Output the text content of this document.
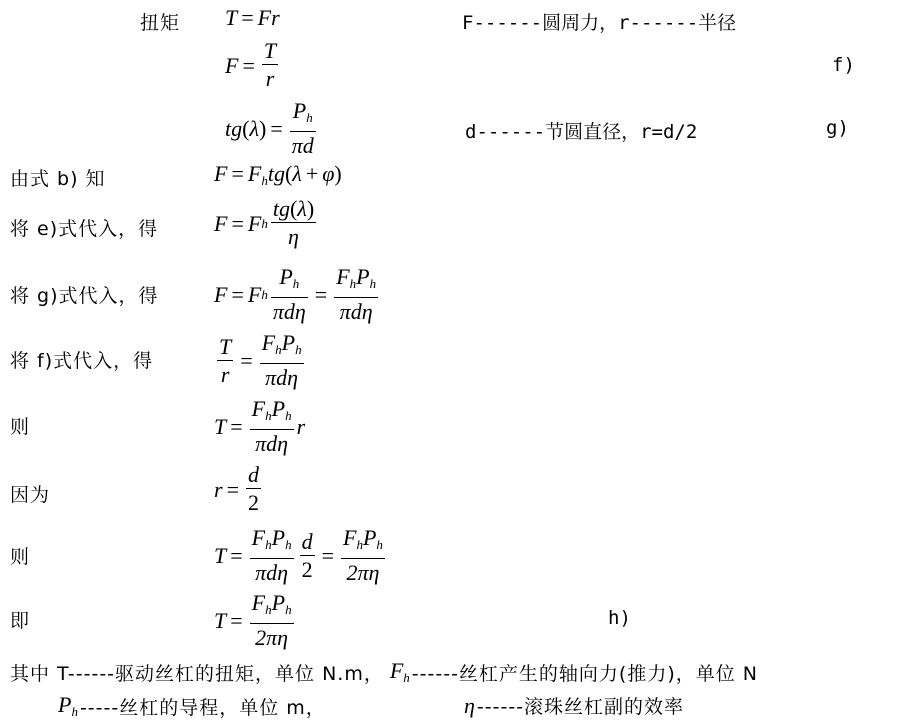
扭矩 T = Fr	F------圆周力，r------半径
$F = \frac{T}{r}$	f)
tg ( λ ) = $\frac{P_h}{\pi d}$	d------节圆直径，r=d/2	g)
由式 b) 知	$F = F_htg(\lambda + \varphi)$
将 e)式代入，得	F = F h $\frac{tg(\lambda)}{\eta}$
将 g)式代入，得	F = F h $\frac{P_h}{\text{πdη}} = \frac{F_hP_h}{\text{πdη}}$
将 f)式代入，得	$\frac{T}{r} = \frac{F_hP_h}{\text{πdη}}$
则	$T = \frac{F_hP_h}{\text{πdη}}$ r
因为	$r = \frac{d}{2}$
则	$T = \frac{F_hP_h}{\text{πdη}} \frac{d}{2} = \frac{F_hP_h}{2\pi\eta}$
即	$T = \frac{F_hP_h}{2\pi\eta}$	h)
其中 T------驱动丝杠的扭矩，单位 N.m， $F_h$ ------丝杠产生的轴向力(推力)，单位 N
$P_h$ -----丝杠的导程，单位 m，	η ------滚珠丝杠副的效率
